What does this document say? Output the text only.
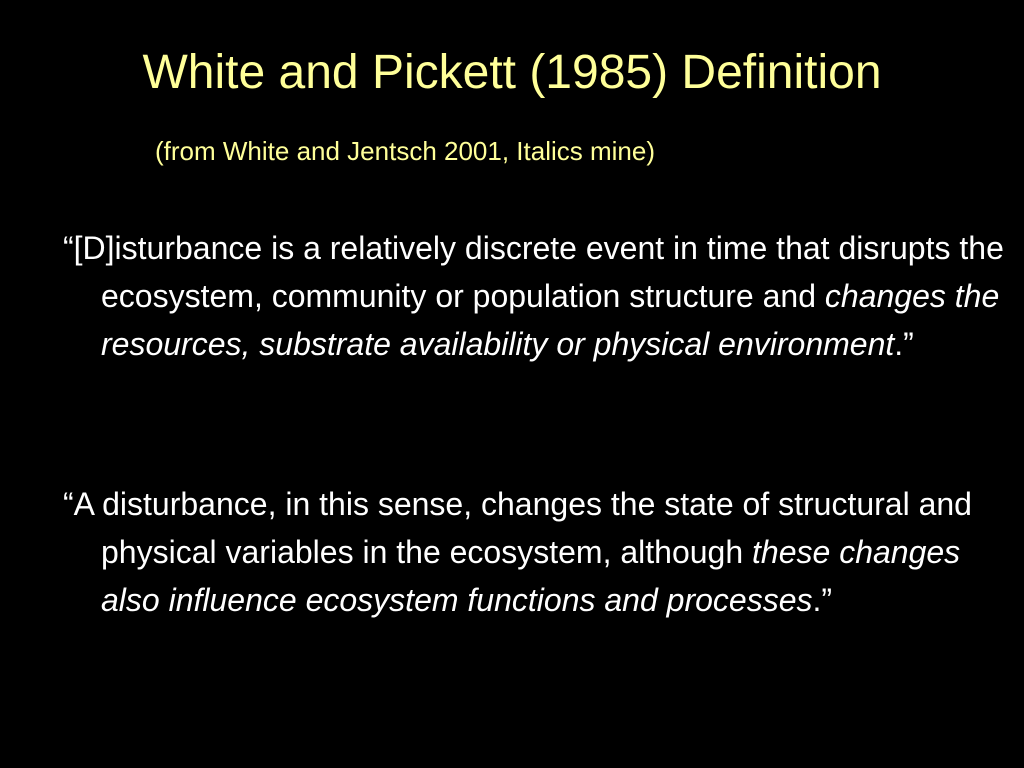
White and Pickett (1985) Definition

(from White and Jentsch 2001, Italics mine)

“[D]isturbance is a relatively discrete event in time that disrupts the ecosystem, community or population structure and changes the resources, substrate availability or physical environment.”

“A disturbance, in this sense, changes the state of structural and physical variables in the ecosystem, although these changes also influence ecosystem functions and processes.”
